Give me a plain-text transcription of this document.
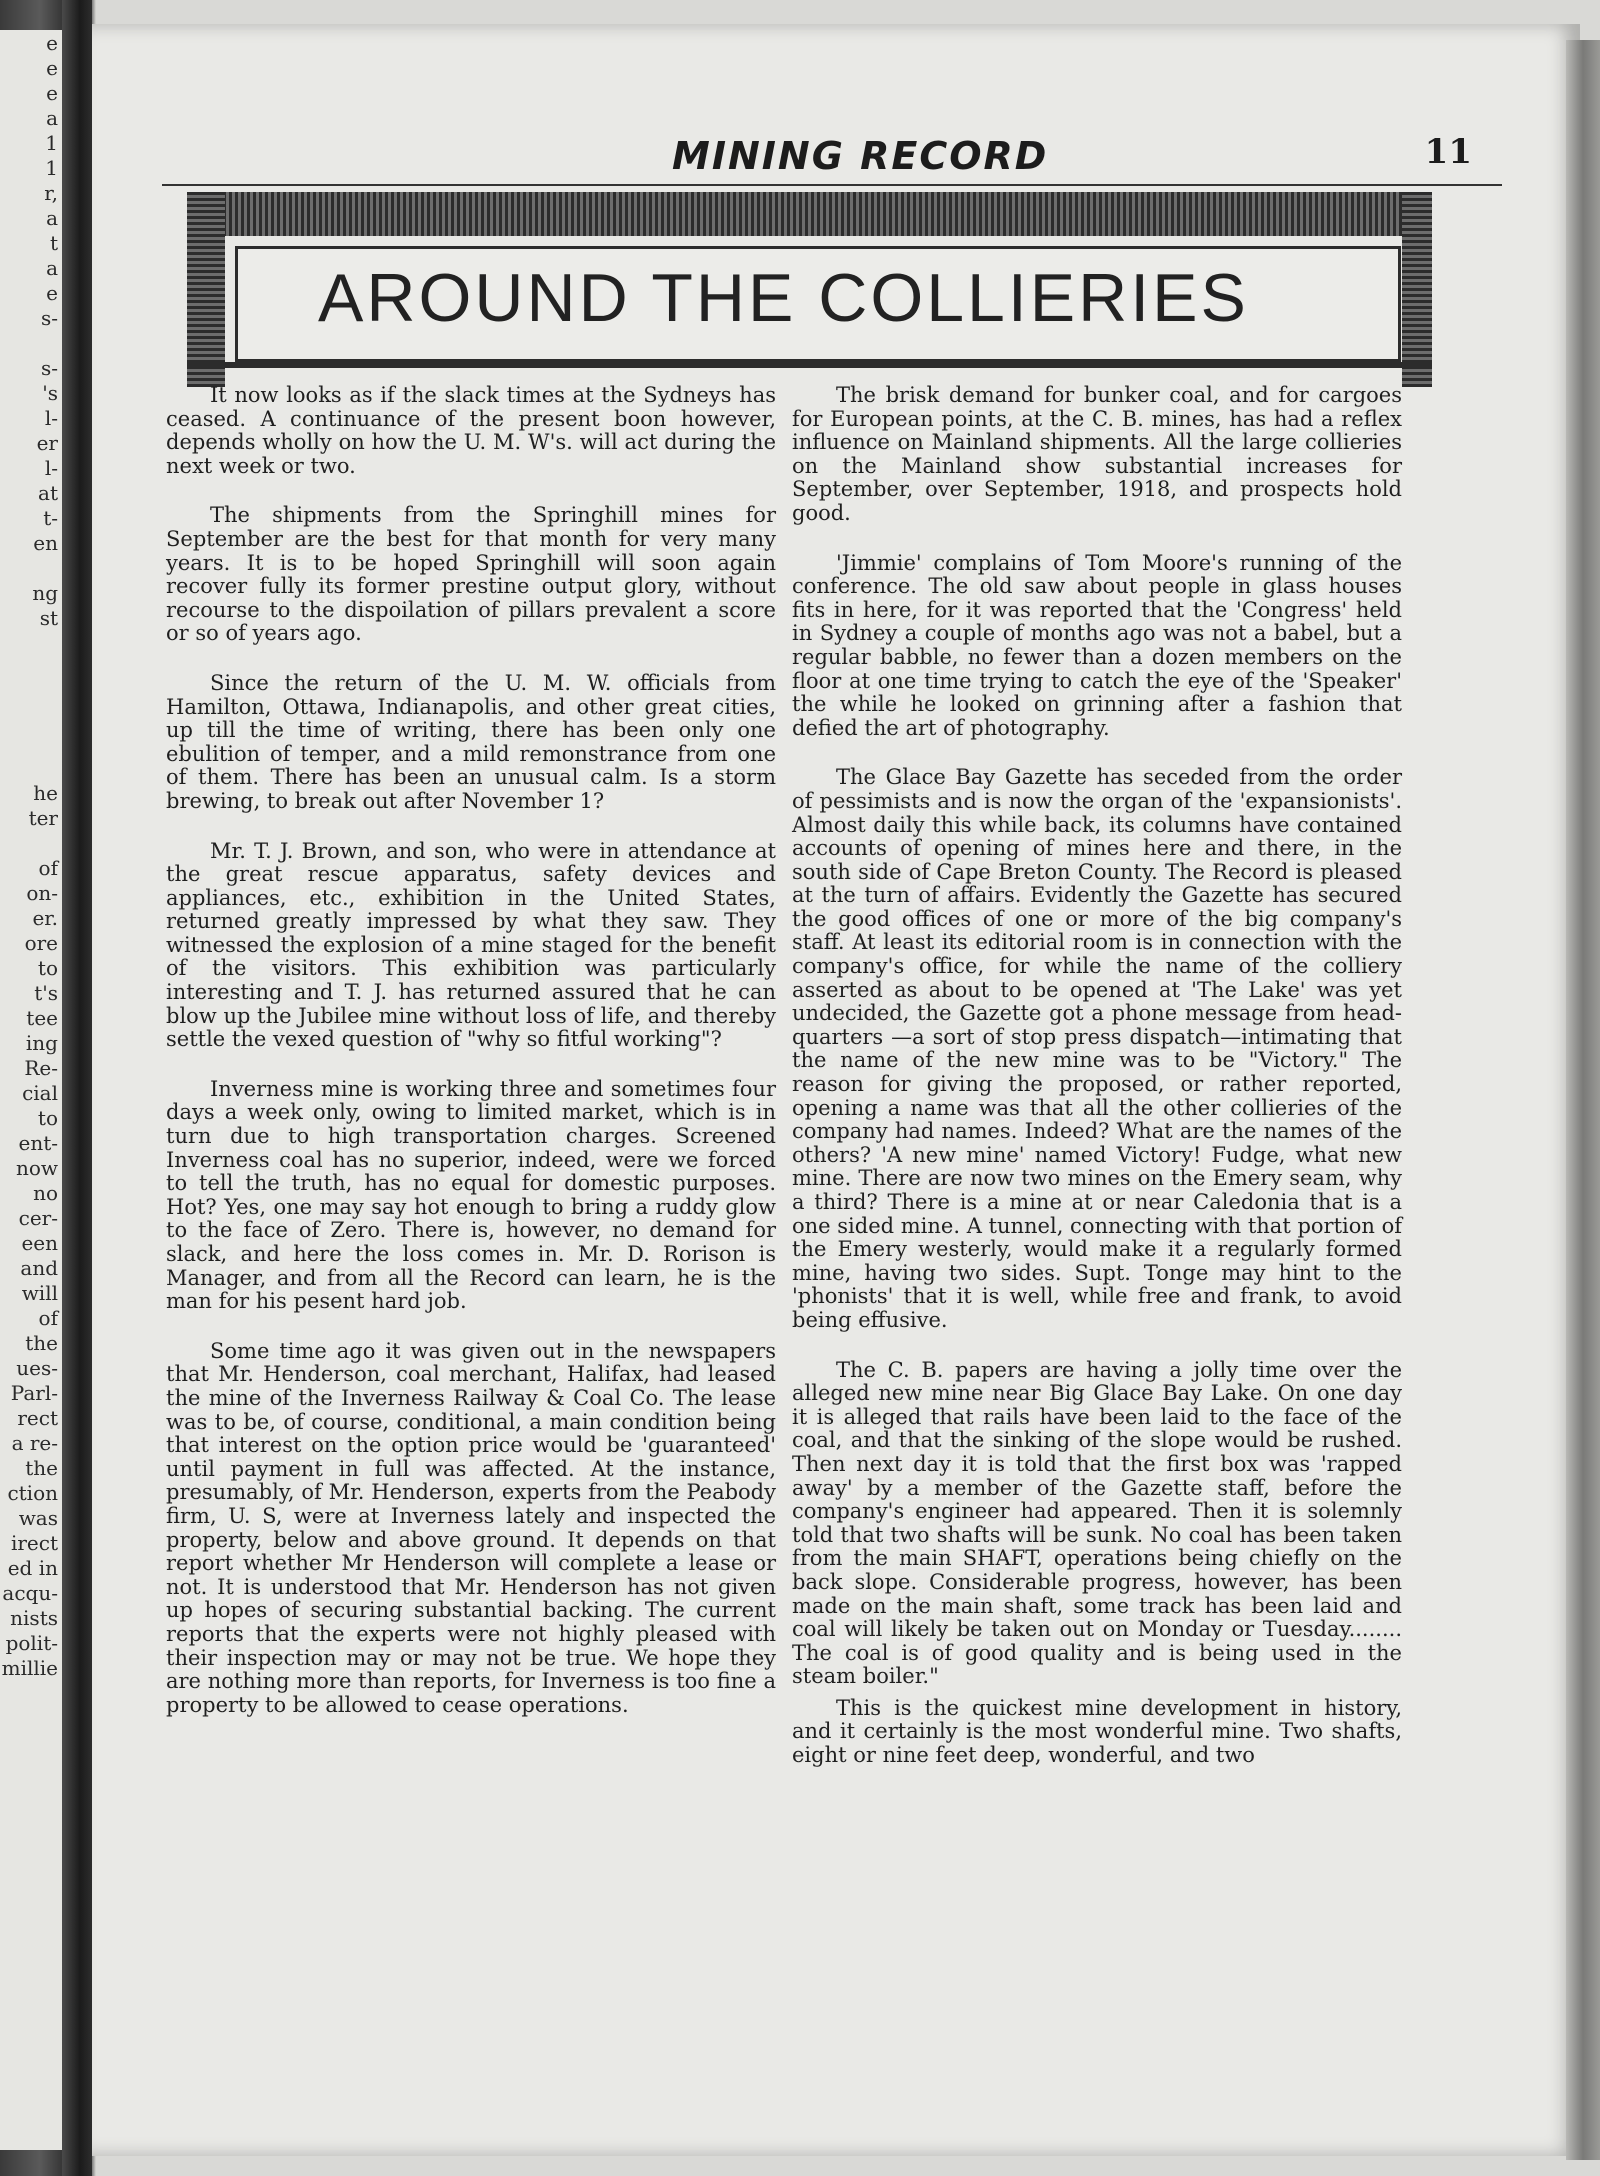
e
e
e
a
1
1
r,
a
t
a
e
s-
s-
's
l-
er
l-
at
t-
en
ng
st
he
ter
of
on-
er.
ore
to
t's
tee
ing
Re-
cial
to
ent-
now
no
cer-
een
and
will
of
the
ues-
Parl-
rect
a re-
the
ction
was
irect
ed in
acqu-
nists
polit-
millie
MINING RECORD	11
AROUND THE COLLIERIES

It now looks as if the slack times at the Sydneys has ceased. A continuance of the present boon however, depends wholly on how the U. M. W's. will act during the next week or two.

The shipments from the Springhill mines for September are the best for that month for very many years. It is to be hoped Springhill will soon again recover fully its former prestine output glory, without recourse to the dispoilation of pillars prevalent a score or so of years ago.

Since the return of the U. M. W. officials from Hamilton, Ottawa, Indianapolis, and other great cities, up till the time of writing, there has been only one ebulition of temper, and a mild remonstrance from one of them. There has been an unusual calm. Is a storm brewing, to break out after November 1?

Mr. T. J. Brown, and son, who were in attendance at the great rescue apparatus, safety devices and appliances, etc., exhibition in the United States, returned greatly impressed by what they saw. They witnessed the explosion of a mine staged for the benefit of the visitors. This exhibition was particularly interesting and T. J. has returned assured that he can blow up the Jubilee mine without loss of life, and thereby settle the vexed question of "why so fitful working"?

Inverness mine is working three and sometimes four days a week only, owing to limited market, which is in turn due to high transportation charges. Screened Inverness coal has no superior, indeed, were we forced to tell the truth, has no equal for domestic purposes. Hot? Yes, one may say hot enough to bring a ruddy glow to the face of Zero. There is, however, no demand for slack, and here the loss comes in. Mr. D. Rorison is Manager, and from all the Record can learn, he is the man for his pesent hard job.

Some time ago it was given out in the newspapers that Mr. Henderson, coal merchant, Halifax, had leased the mine of the Inverness Railway & Coal Co. The lease was to be, of course, conditional, a main condition being that interest on the option price would be 'guaranteed' until payment in full was affected. At the instance, presumably, of Mr. Henderson, experts from the Peabody firm, U. S, were at Inverness lately and inspected the property, below and above ground. It depends on that report whether Mr Henderson will complete a lease or not. It is understood that Mr. Henderson has not given up hopes of securing substantial backing. The current reports that the experts were not highly pleased with their inspection may or may not be true. We hope they are nothing more than reports, for Inverness is too fine a property to be allowed to cease operations.

The brisk demand for bunker coal, and for cargoes for European points, at the C. B. mines, has had a reflex influence on Mainland shipments. All the large collieries on the Mainland show substantial increases for September, over September, 1918, and prospects hold good.

'Jimmie' complains of Tom Moore's running of the conference. The old saw about people in glass houses fits in here, for it was reported that the 'Congress' held in Sydney a couple of months ago was not a babel, but a regular babble, no fewer than a dozen members on the floor at one time trying to catch the eye of the 'Speaker' the while he looked on grinning after a fashion that defied the art of photography.

The Glace Bay Gazette has seceded from the order of pessimists and is now the organ of the 'expansionists'. Almost daily this while back, its columns have contained accounts of opening of mines here and there, in the south side of Cape Breton County. The Record is pleased at the turn of affairs. Evidently the Gazette has secured the good offices of one or more of the big company's staff. At least its editorial room is in connection with the company's office, for while the name of the colliery asserted as about to be opened at 'The Lake' was yet undecided, the Gazette got a phone message from head-quarters —a sort of stop press dispatch—intimating that the name of the new mine was to be "Victory." The reason for giving the proposed, or rather reported, opening a name was that all the other collieries of the company had names. Indeed? What are the names of the others? 'A new mine' named Victory! Fudge, what new mine. There are now two mines on the Emery seam, why a third? There is a mine at or near Caledonia that is a one sided mine. A tunnel, connecting with that portion of the Emery westerly, would make it a regularly formed mine, having two sides. Supt. Tonge may hint to the 'phonists' that it is well, while free and frank, to avoid being effusive.

The C. B. papers are having a jolly time over the alleged new mine near Big Glace Bay Lake. On one day it is alleged that rails have been laid to the face of the coal, and that the sinking of the slope would be rushed. Then next day it is told that the first box was 'rapped away' by a member of the Gazette staff, before the company's engineer had appeared. Then it is solemnly told that two shafts will be sunk. No coal has been taken from the main SHAFT, operations being chiefly on the back slope. Considerable progress, however, has been made on the main shaft, some track has been laid and coal will likely be taken out on Monday or Tuesday........ The coal is of good quality and is being used in the steam boiler."

This is the quickest mine development in history, and it certainly is the most wonderful mine. Two shafts, eight or nine feet deep, wonderful, and two
